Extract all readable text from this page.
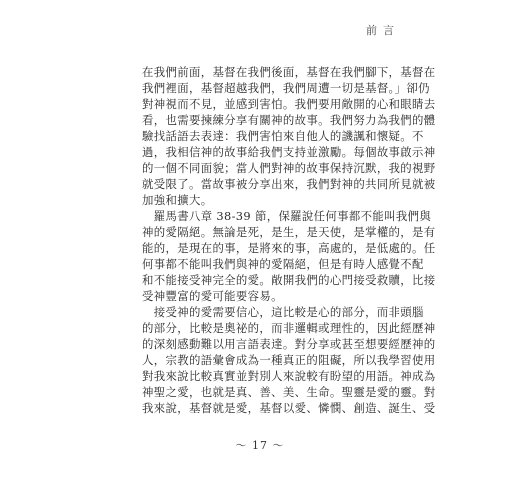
前言
在我們前面，基督在我們後面，基督在我們腳下，基督在
我們裡面，基督超越我們，我們周遭一切是基督。」卻仍
對神視而不見，並感到害怕。我們要用敞開的心和眼睛去
看，也需要揀練分享有關神的故事。我們努力為我們的體
驗找話語去表達：我們害怕來自他人的譏諷和懷疑。不
過，我相信神的故事給我們支持並激勵。每個故事啟示神
的一個不同面貌；當人們對神的故事保持沉默，我的視野
就受限了。當故事被分享出來，我們對神的共同所見就被
加強和擴大。
　羅馬書八章 38-39 節，保羅說任何事都不能叫我們與
神的愛隔絕。無論是死，是生，是天使，是掌權的，是有
能的，是現在的事，是將來的事，高處的，是低處的。任
何事都不能叫我們與神的愛隔絕，但是有時人感覺不配
和不能接受神完全的愛。敞開我們的心門接受救贖，比接
受神豐富的愛可能要容易。
　接受神的愛需要信心，這比較是心的部分，而非頭腦
的部分，比較是奧祕的，而非邏輯或理性的，因此經歷神
的深刻感動難以用言語表達。對分享或甚至想要經歷神的
人，宗教的語彙會成為一種真正的阻礙，所以我學習使用
對我來說比較真實並對別人來說較有盼望的用語。神成為
神聖之愛，也就是真、善、美、生命。聖靈是愛的靈。對
我來說，基督就是愛，基督以愛、憐憫、創造、誕生、受
～ 17 ～
